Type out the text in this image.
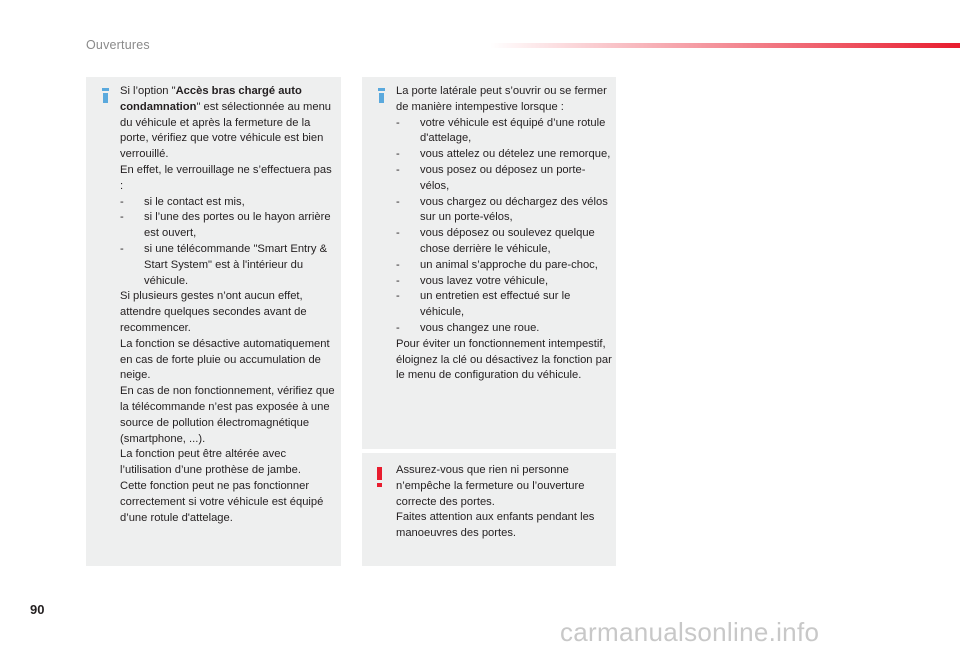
Ouvertures

Si l’option "Accès bras chargé auto condamnation" est sélectionnée au menu du véhicule et après la fermeture de la porte, vérifiez que votre véhicule est bien verrouillé.

En effet, le verrouillage ne s’effectuera pas :

- si le contact est mis,
- si l’une des portes ou le hayon arrière est ouvert,
- si une télécommande "Smart Entry & Start System" est à l'intérieur du véhicule.

Si plusieurs gestes n’ont aucun effet, attendre quelques secondes avant de recommencer.

La fonction se désactive automatiquement en cas de forte pluie ou accumulation de neige.

En cas de non fonctionnement, vérifiez que la télécommande n’est pas exposée à une source de pollution électromagnétique (smartphone, ...).

La fonction peut être altérée avec l’utilisation d’une prothèse de jambe.

Cette fonction peut ne pas fonctionner correctement si votre véhicule est équipé d’une rotule d'attelage.

La porte latérale peut s’ouvrir ou se fermer de manière intempestive lorsque :

- votre véhicule est équipé d’une rotule d'attelage,
- vous attelez ou dételez une remorque,
- vous posez ou déposez un porte-vélos,
- vous chargez ou déchargez des vélos sur un porte-vélos,
- vous déposez ou soulevez quelque chose derrière le véhicule,
- un animal s’approche du pare-choc,
- vous lavez votre véhicule,
- un entretien est effectué sur le véhicule,
- vous changez une roue.

Pour éviter un fonctionnement intempestif, éloignez la clé ou désactivez la fonction par le menu de configuration du véhicule.

Assurez-vous que rien ni personne n’empêche la fermeture ou l’ouverture correcte des portes.

Faites attention aux enfants pendant les manoeuvres des portes.

90
carmanualsonline.info
